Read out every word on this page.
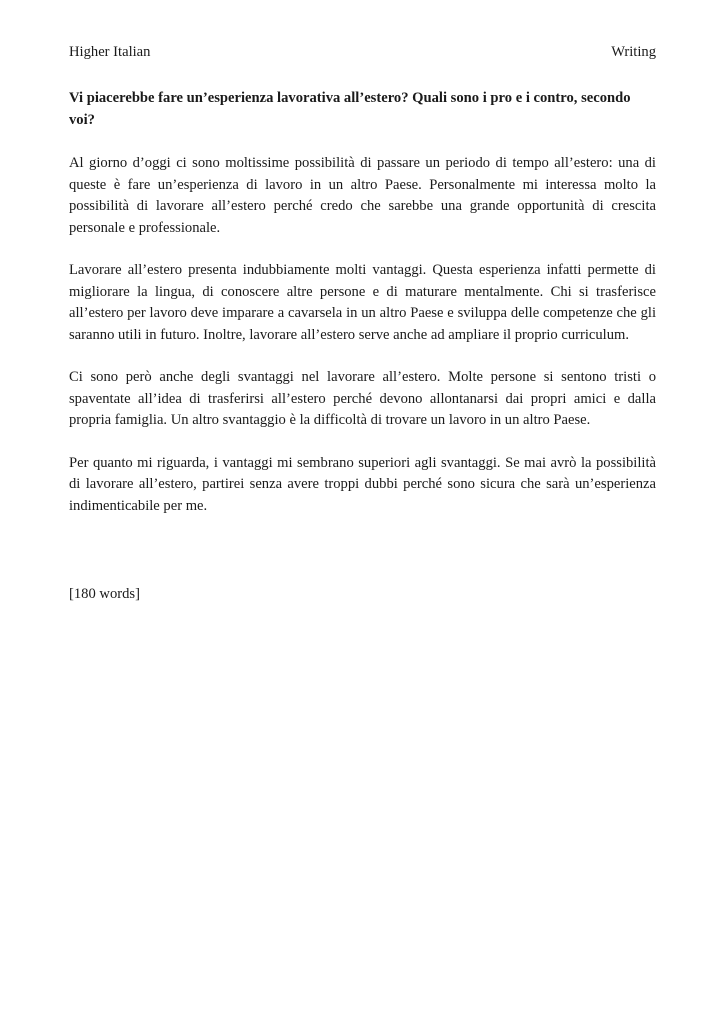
Higher Italian	Writing
Vi piacerebbe fare un’esperienza lavorativa all’estero? Quali sono i pro e i contro, secondo voi?

Al giorno d’oggi ci sono moltissime possibilità di passare un periodo di tempo all’estero: una di queste è fare un’esperienza di lavoro in un altro Paese. Personalmente mi interessa molto la possibilità di lavorare all’estero perché credo che sarebbe una grande opportunità di crescita personale e professionale.

Lavorare all’estero presenta indubbiamente molti vantaggi. Questa esperienza infatti permette di migliorare la lingua, di conoscere altre persone e di maturare mentalmente. Chi si trasferisce all’estero per lavoro deve imparare a cavarsela in un altro Paese e sviluppa delle competenze che gli saranno utili in futuro. Inoltre, lavorare all’estero serve anche ad ampliare il proprio curriculum.

Ci sono però anche degli svantaggi nel lavorare all’estero. Molte persone si sentono tristi o spaventate all’idea di trasferirsi all’estero perché devono allontanarsi dai propri amici e dalla propria famiglia. Un altro svantaggio è la difficoltà di trovare un lavoro in un altro Paese.

Per quanto mi riguarda, i vantaggi mi sembrano superiori agli svantaggi. Se mai avrò la possibilità di lavorare all’estero, partirei senza avere troppi dubbi perché sono sicura che sarà un’esperienza indimenticabile per me.

[180 words]
